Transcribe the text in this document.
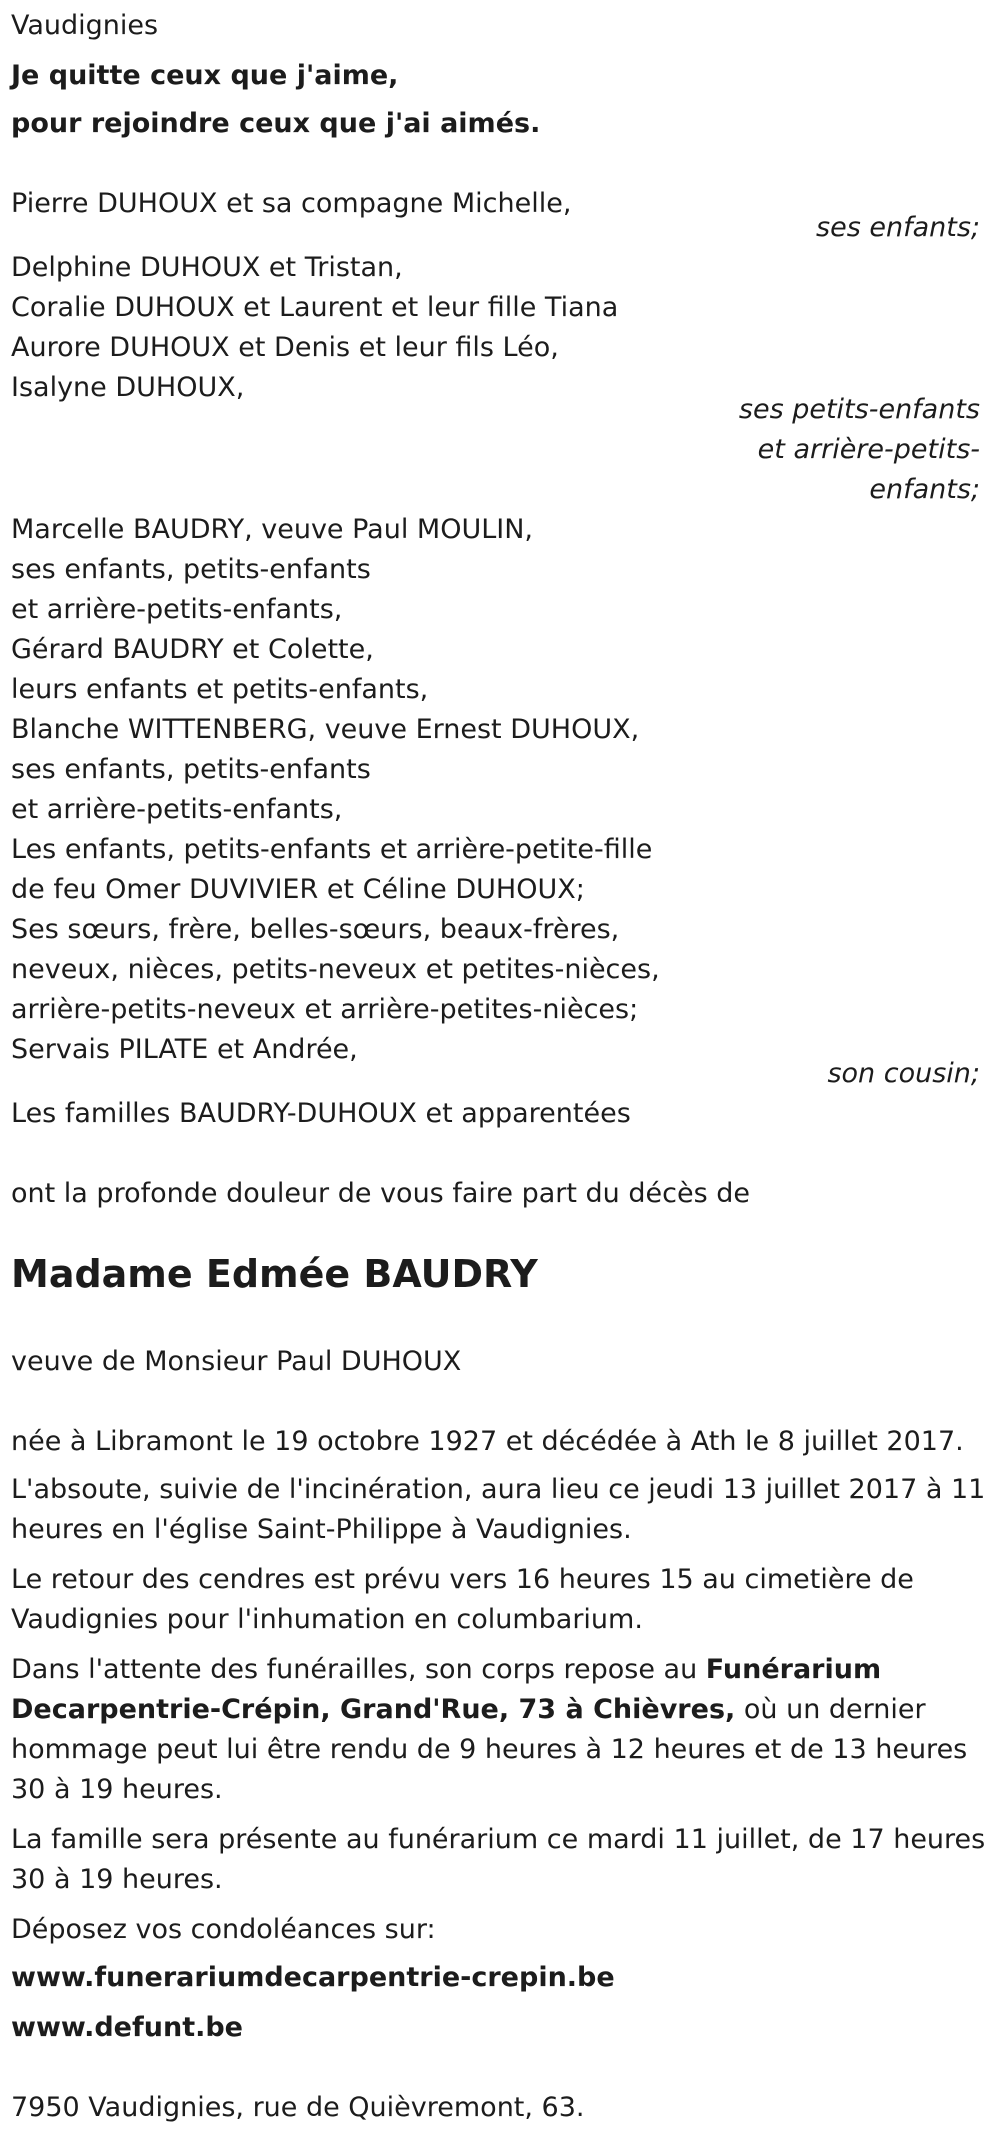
Vaudignies
Je quitte ceux que j'aime,
pour rejoindre ceux que j'ai aimés.
Pierre DUHOUX et sa compagne Michelle,
ses enfants;
Delphine DUHOUX et Tristan,
Coralie DUHOUX et Laurent et leur fille Tiana
Aurore DUHOUX et Denis et leur fils Léo,
Isalyne DUHOUX,
ses petits-enfants
et arrière-petits-
enfants;
Marcelle BAUDRY, veuve Paul MOULIN,
ses enfants, petits-enfants
et arrière-petits-enfants,
Gérard BAUDRY et Colette,
leurs enfants et petits-enfants,
Blanche WITTENBERG, veuve Ernest DUHOUX,
ses enfants, petits-enfants
et arrière-petits-enfants,
Les enfants, petits-enfants et arrière-petite-fille
de feu Omer DUVIVIER et Céline DUHOUX;
Ses sœurs, frère, belles-sœurs, beaux-frères,
neveux, nièces, petits-neveux et petites-nièces,
arrière-petits-neveux et arrière-petites-nièces;
Servais PILATE et Andrée,
son cousin;
Les familles BAUDRY-DUHOUX et apparentées
ont la profonde douleur de vous faire part du décès de
Madame Edmée BAUDRY
veuve de Monsieur Paul DUHOUX
née à Libramont le 19 octobre 1927 et décédée à Ath le 8 juillet 2017.
L'absoute, suivie de l'incinération, aura lieu ce jeudi 13 juillet 2017 à 11 heures en l'église Saint-Philippe à Vaudignies.
Le retour des cendres est prévu vers 16 heures 15 au cimetière de Vaudignies pour l'inhumation en columbarium.
Dans l'attente des funérailles, son corps repose au Funérarium Decarpentrie-Crépin, Grand'Rue, 73 à Chièvres, où un dernier hommage peut lui être rendu de 9 heures à 12 heures et de 13 heures 30 à 19 heures.
La famille sera présente au funérarium ce mardi 11 juillet, de 17 heures 30 à 19 heures.
Déposez vos condoléances sur:
www.funerariumdecarpentrie-crepin.be
www.defunt.be
7950 Vaudignies, rue de Quièvremont, 63.
